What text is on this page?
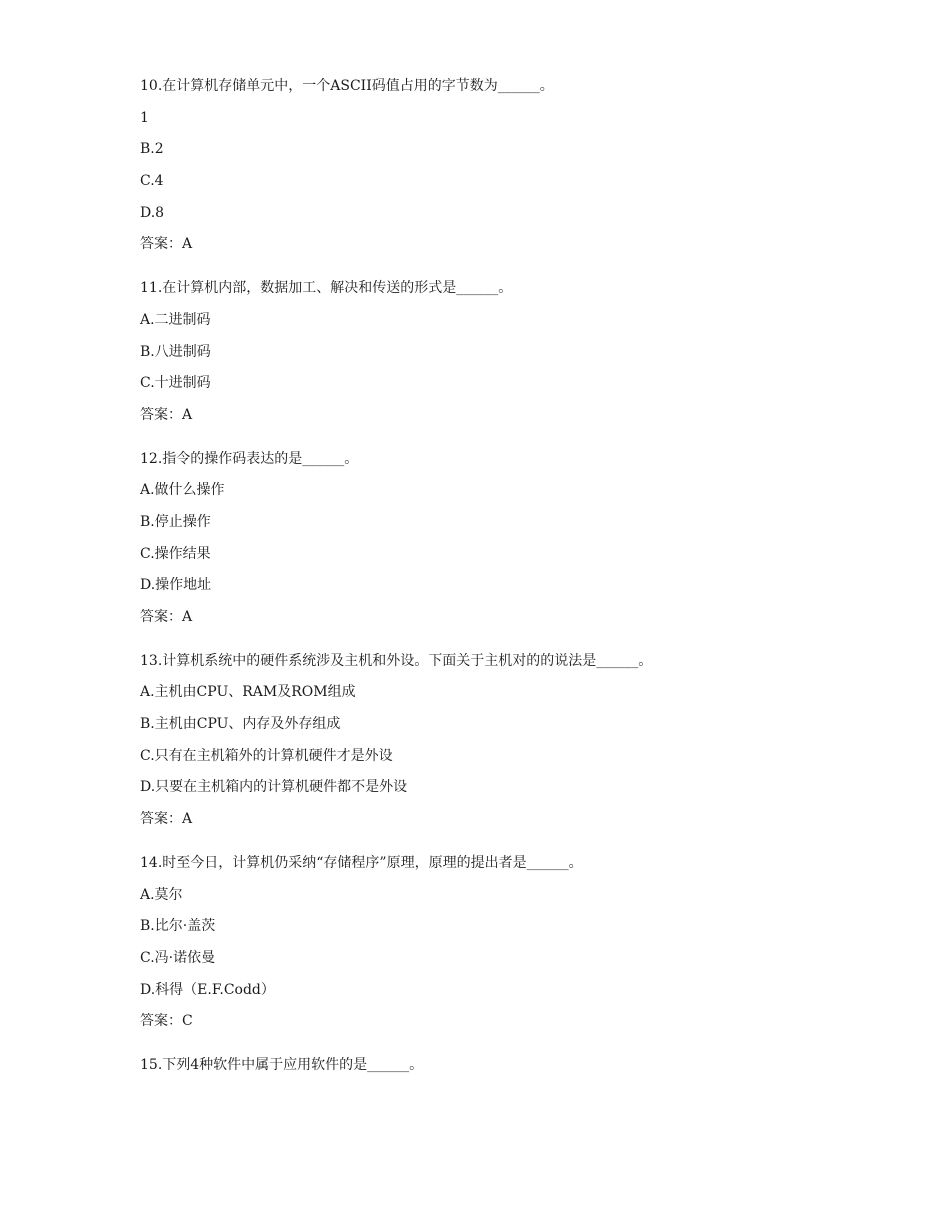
10.在计算机存储单元中，一个ASCII码值占用的字节数为______。
1
B.2
C.4
D.8
答案：A
11.在计算机内部，数据加工、解决和传送的形式是______。
A.二进制码
B.八进制码
C.十进制码
答案：A
12.指令的操作码表达的是______。
A.做什么操作
B.停止操作
C.操作结果
D.操作地址
答案：A
13.计算机系统中的硬件系统涉及主机和外设。下面关于主机对的的说法是______。
A.主机由CPU、RAM及ROM组成
B.主机由CPU、内存及外存组成
C.只有在主机箱外的计算机硬件才是外设
D.只要在主机箱内的计算机硬件都不是外设
答案：A
14.时至今日，计算机仍采纳“存储程序”原理，原理的提出者是______。
A.莫尔
B.比尔·盖茨
C.冯·诺依曼
D.科得（E.F.Codd）
答案：C
15.下列4种软件中属于应用软件的是______。
